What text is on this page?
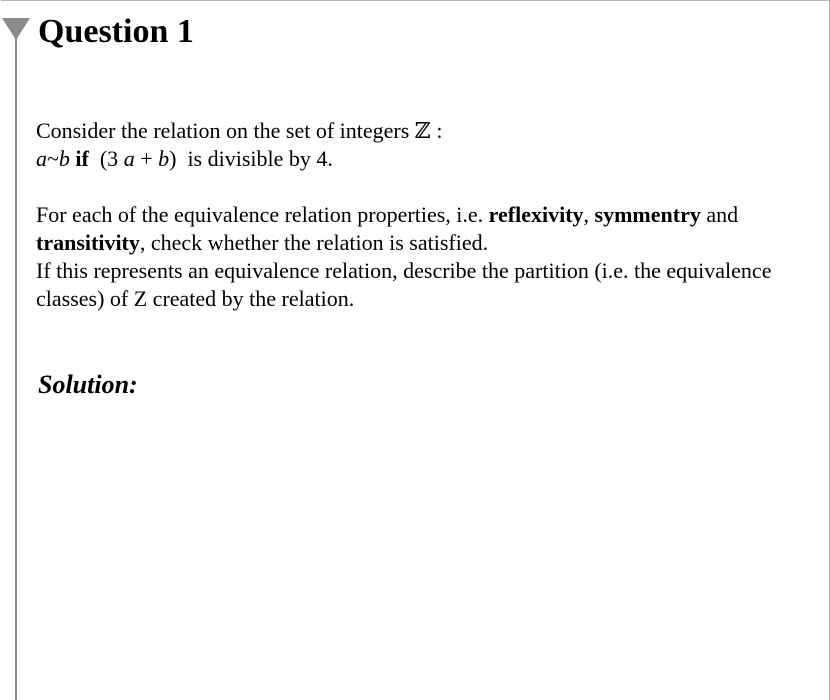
Question 1

Consider the relation on the set of integers ℤ :

a~b if (3 a + b) is divisible by 4.

For each of the equivalence relation properties, i.e. reflexivity, symmentry and transitivity, check whether the relation is satisfied.

If this represents an equivalence relation, describe the partition (i.e. the equivalence classes) of Z created by the relation.

Solution:
